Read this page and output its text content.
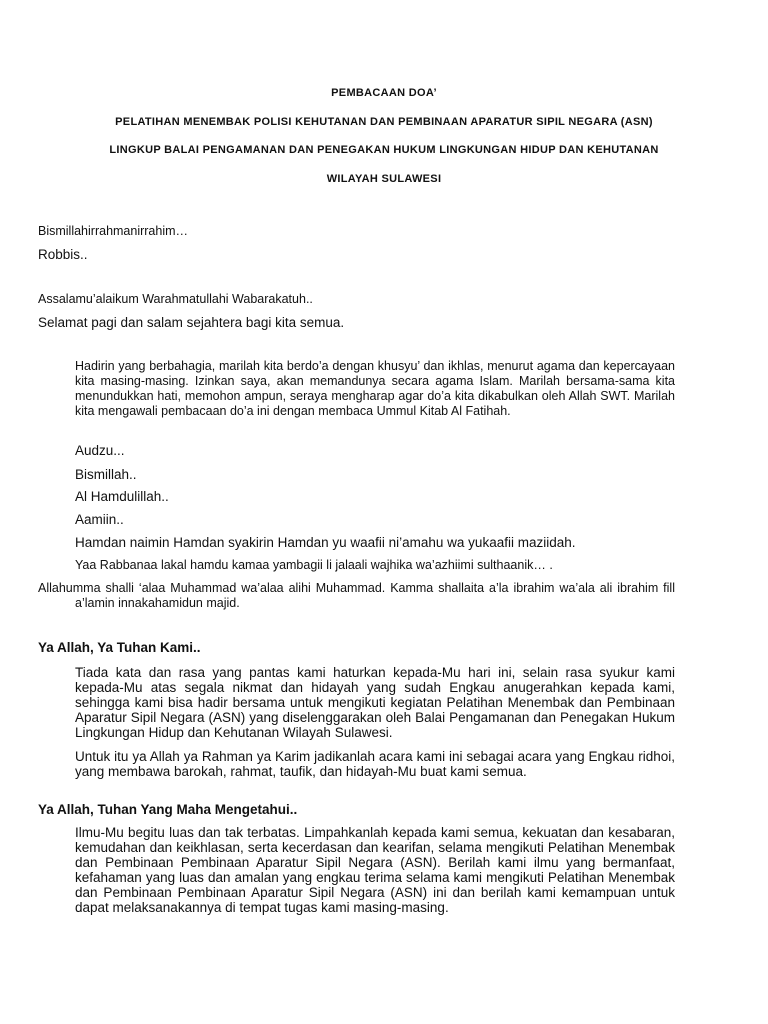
PEMBACAAN DOA’
PELATIHAN MENEMBAK POLISI KEHUTANAN DAN PEMBINAAN APARATUR SIPIL NEGARA (ASN)
LINGKUP BALAI PENGAMANAN DAN PENEGAKAN HUKUM LINGKUNGAN HIDUP DAN KEHUTANAN
WILAYAH SULAWESI
Bismillahirrahmanirrahim…
Robbis..
Assalamu’alaikum Warahmatullahi Wabarakatuh..
Selamat pagi dan salam sejahtera bagi kita semua.
Hadirin yang berbahagia, marilah kita berdo’a dengan khusyu’ dan ikhlas, menurut agama dan kepercayaan kita masing-masing. Izinkan saya, akan memandunya secara agama Islam. Marilah bersama-sama kita menundukkan hati, memohon ampun, seraya mengharap agar do’a kita dikabulkan oleh Allah SWT. Marilah kita mengawali pembacaan do’a ini dengan membaca Ummul Kitab Al Fatihah.
Audzu...
Bismillah..
Al Hamdulillah..
Aamiin..
Hamdan naimin Hamdan syakirin Hamdan yu waafii ni’amahu wa yukaafii maziidah.
Yaa Rabbanaa lakal hamdu kamaa yambagii li jalaali wajhika wa’azhiimi sulthaanik… .
Allahumma shalli ‘alaa Muhammad wa’alaa alihi Muhammad. Kamma shallaita a’la ibrahim wa’ala ali ibrahim fill a’lamin innakahamidun majid.
Ya Allah, Ya Tuhan Kami..
Tiada kata dan rasa yang pantas kami haturkan kepada-Mu hari ini, selain rasa syukur kami kepada-Mu atas segala nikmat dan hidayah yang sudah Engkau anugerahkan kepada kami, sehingga kami bisa hadir bersama untuk mengikuti kegiatan Pelatihan Menembak dan Pembinaan Aparatur Sipil Negara (ASN) yang diselenggarakan oleh Balai Pengamanan dan Penegakan Hukum Lingkungan Hidup dan Kehutanan Wilayah Sulawesi.
Untuk itu ya Allah ya Rahman ya Karim jadikanlah acara kami ini sebagai acara yang Engkau ridhoi, yang membawa barokah, rahmat, taufik, dan hidayah-Mu buat kami semua.
Ya Allah, Tuhan Yang Maha Mengetahui..
Ilmu-Mu begitu luas dan tak terbatas. Limpahkanlah kepada kami semua, kekuatan dan kesabaran, kemudahan dan keikhlasan, serta kecerdasan dan kearifan, selama mengikuti Pelatihan Menembak dan Pembinaan Pembinaan Aparatur Sipil Negara (ASN). Berilah kami ilmu yang bermanfaat, kefahaman yang luas dan amalan yang engkau terima selama kami mengikuti Pelatihan Menembak dan Pembinaan Pembinaan Aparatur Sipil Negara (ASN) ini dan berilah kami kemampuan untuk dapat melaksanakannya di tempat tugas kami masing-masing.
